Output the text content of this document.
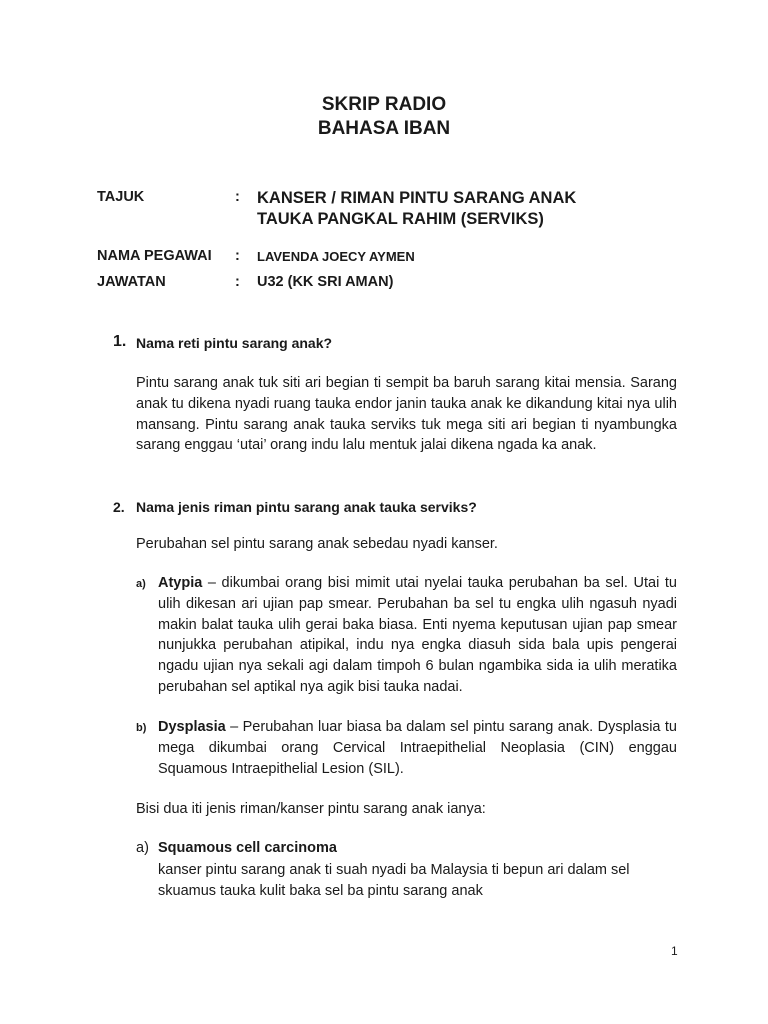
SKRIP RADIO
BAHASA IBAN
TAJUK	: KANSER / RIMAN PINTU SARANG ANAK
TAUKA PANGKAL RAHIM (SERVIKS)
NAMA PEGAWAI : LAVENDA JOECY AYMEN
JAWATAN	: U32 (KK SRI AMAN)
1. Nama reti pintu sarang anak?
Pintu sarang anak tuk siti ari begian ti sempit ba baruh sarang kitai mensia. Sarang anak tu dikena nyadi ruang tauka endor janin tauka anak ke dikandung kitai nya ulih mansang. Pintu sarang anak tauka serviks tuk mega siti ari begian ti nyambungka sarang enggau ‘utai’ orang indu lalu mentuk jalai dikena ngada ka anak.
2. Nama jenis riman pintu sarang anak tauka serviks?
Perubahan sel pintu sarang anak sebedau nyadi kanser.
a) Atypia – dikumbai orang bisi mimit utai nyelai tauka perubahan ba sel. Utai tu ulih dikesan ari ujian pap smear. Perubahan ba sel tu engka ulih ngasuh nyadi makin balat tauka ulih gerai baka biasa. Enti nyema keputusan ujian pap smear nunjukka perubahan atipikal, indu nya engka diasuh sida bala upis pengerai ngadu ujian nya sekali agi dalam timpoh 6 bulan ngambika sida ia ulih meratika perubahan sel aptikal nya agik bisi tauka nadai.
b) Dysplasia – Perubahan luar biasa ba dalam sel pintu sarang anak. Dysplasia tu mega dikumbai orang Cervical Intraepithelial Neoplasia (CIN) enggau Squamous Intraepithelial Lesion (SIL).
Bisi dua iti jenis riman/kanser pintu sarang anak ianya:
a) Squamous cell carcinoma
kanser pintu sarang anak ti suah nyadi ba Malaysia ti bepun ari dalam sel skuamus tauka kulit baka sel ba pintu sarang anak
1
